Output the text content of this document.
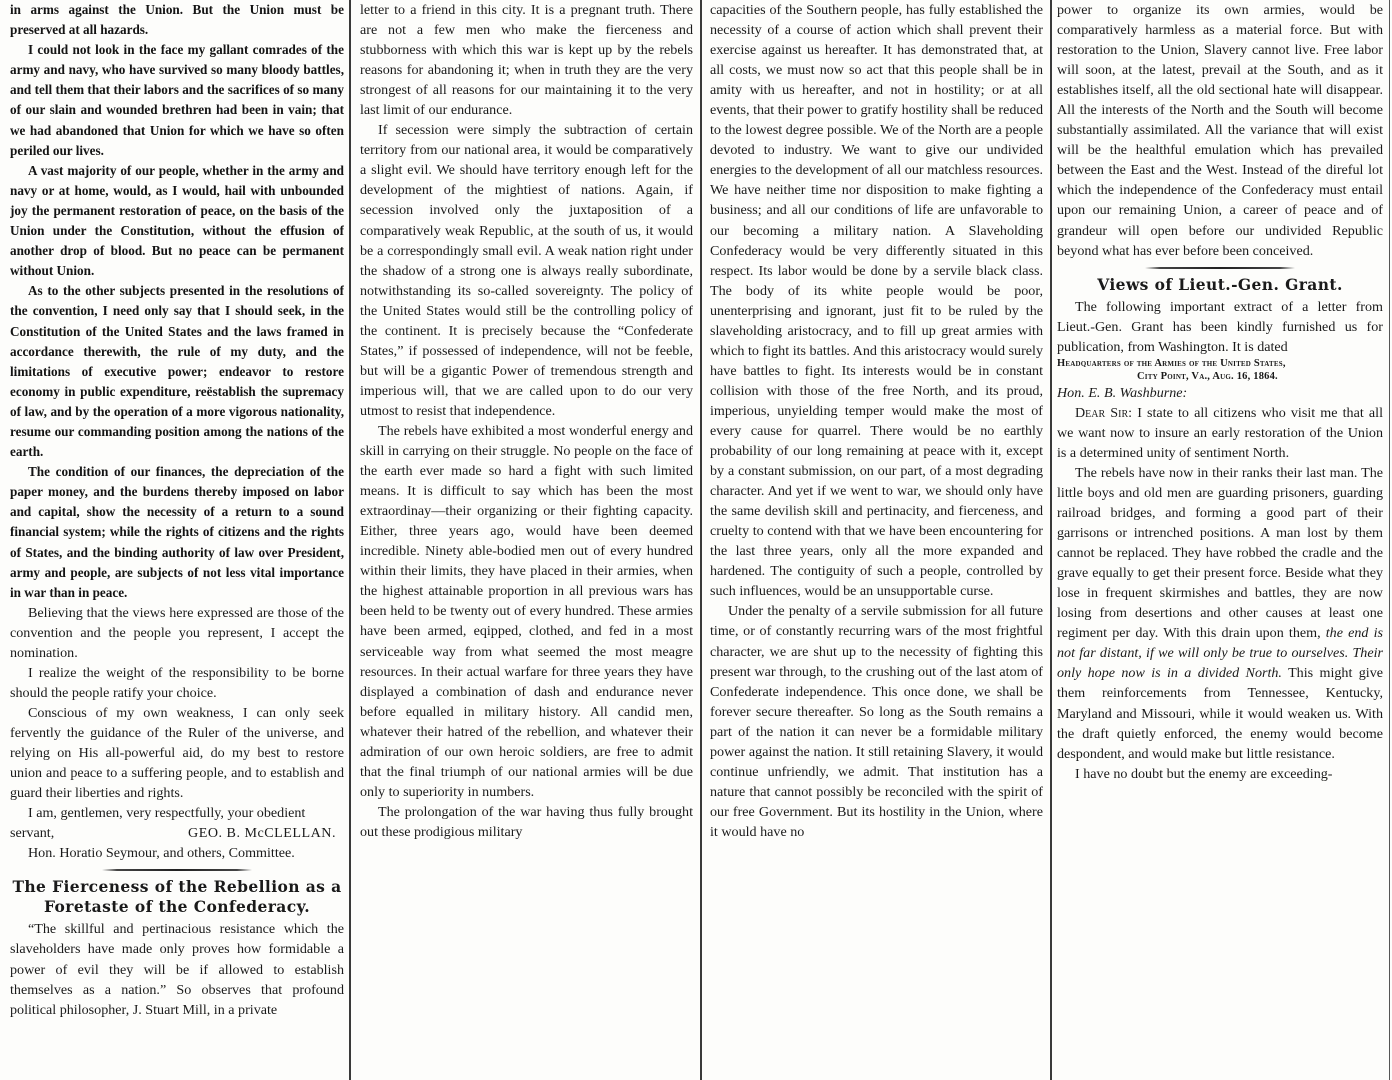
in arms against the Union. But the Union must be preserved at all hazards.

I could not look in the face my gallant comrades of the army and navy, who have survived so many bloody battles, and tell them that their labors and the sacrifices of so many of our slain and wounded brethren had been in vain; that we had abandoned that Union for which we have so often periled our lives.

A vast majority of our people, whether in the army and navy or at home, would, as I would, hail with unbounded joy the permanent restoration of peace, on the basis of the Union under the Constitution, without the effusion of another drop of blood. But no peace can be permanent without Union.

As to the other subjects presented in the resolutions of the convention, I need only say that I should seek, in the Constitution of the United States and the laws framed in accordance therewith, the rule of my duty, and the limitations of executive power; endeavor to restore economy in public expenditure, reëstablish the supremacy of law, and by the operation of a more vigorous nationality, resume our commanding position among the nations of the earth.

The condition of our finances, the depreciation of the paper money, and the burdens thereby imposed on labor and capital, show the necessity of a return to a sound financial system; while the rights of citizens and the rights of States, and the binding authority of law over President, army and people, are subjects of not less vital importance in war than in peace.

Believing that the views here expressed are those of the convention and the people you represent, I accept the nomination.

I realize the weight of the responsibility to be borne should the people ratify your choice.

Conscious of my own weakness, I can only seek fervently the guidance of the Ruler of the universe, and relying on His all-powerful aid, do my best to restore union and peace to a suffering people, and to establish and guard their liberties and rights.

I am, gentlemen, very respectfully, your obedient

servant,	GEO. B. McCLELLAN.

Hon. Horatio Seymour, and others, Committee.

The Fierceness of the Rebellion as a Foretaste of the Confederacy.

“The skillful and pertinacious resistance which the slaveholders have made only proves how formidable a power of evil they will be if allowed to establish themselves as a nation.” So observes that profound political philosopher, J. Stuart Mill, in a private

letter to a friend in this city. It is a pregnant truth. There are not a few men who make the fierceness and stubborness with which this war is kept up by the rebels reasons for abandoning it; when in truth they are the very strongest of all reasons for our maintaining it to the very last limit of our endurance.

If secession were simply the subtraction of certain territory from our national area, it would be comparatively a slight evil. We should have territory enough left for the development of the mightiest of nations. Again, if secession involved only the juxtaposition of a comparatively weak Republic, at the south of us, it would be a correspondingly small evil. A weak nation right under the shadow of a strong one is always really subordinate, notwithstanding its so-called sovereignty. The policy of the United States would still be the controlling policy of the continent. It is precisely because the “Confederate States,” if possessed of independence, will not be feeble, but will be a gigantic Power of tremendous strength and imperious will, that we are called upon to do our very utmost to resist that independence.

The rebels have exhibited a most wonderful energy and skill in carrying on their struggle. No people on the face of the earth ever made so hard a fight with such limited means. It is difficult to say which has been the most extraordinay—their organizing or their fighting capacity. Either, three years ago, would have been deemed incredible. Ninety able-bodied men out of every hundred within their limits, they have placed in their armies, when the highest attainable proportion in all previous wars has been held to be twenty out of every hundred. These armies have been armed, eqipped, clothed, and fed in a most serviceable way from what seemed the most meagre resources. In their actual warfare for three years they have displayed a combination of dash and endurance never before equalled in military history. All candid men, whatever their hatred of the rebellion, and whatever their admiration of our own heroic soldiers, are free to admit that the final triumph of our national armies will be due only to superiority in numbers.

The prolongation of the war having thus fully brought out these prodigious military

capacities of the Southern people, has fully established the necessity of a course of action which shall prevent their exercise against us hereafter. It has demonstrated that, at all costs, we must now so act that this people shall be in amity with us hereafter, and not in hostility; or at all events, that their power to gratify hostility shall be reduced to the lowest degree possible. We of the North are a people devoted to industry. We want to give our undivided energies to the development of all our matchless resources. We have neither time nor disposition to make fighting a business; and all our conditions of life are unfavorable to our becoming a military nation. A Slaveholding Confederacy would be very differently situated in this respect. Its labor would be done by a servile black class. The body of its white people would be poor, unenterprising and ignorant, just fit to be ruled by the slaveholding aristocracy, and to fill up great armies with which to fight its battles. And this aristocracy would surely have battles to fight. Its interests would be in constant collision with those of the free North, and its proud, imperious, unyielding temper would make the most of every cause for quarrel. There would be no earthly probability of our long remaining at peace with it, except by a constant submission, on our part, of a most degrading character. And yet if we went to war, we should only have the same devilish skill and pertinacity, and fierceness, and cruelty to contend with that we have been encountering for the last three years, only all the more expanded and hardened. The contiguity of such a people, controlled by such influences, would be an unsupportable curse.

Under the penalty of a servile submission for all future time, or of constantly recurring wars of the most frightful character, we are shut up to the necessity of fighting this present war through, to the crushing out of the last atom of Confederate independence. This once done, we shall be forever secure thereafter. So long as the South remains a part of the nation it can never be a formidable military power against the nation. It still retaining Slavery, it would continue unfriendly, we admit. That institution has a nature that cannot possibly be reconciled with the spirit of our free Government. But its hostility in the Union, where it would have no

power to organize its own armies, would be comparatively harmless as a material force. But with restoration to the Union, Slavery cannot live. Free labor will soon, at the latest, prevail at the South, and as it establishes itself, all the old sectional hate will disappear. All the interests of the North and the South will become substantially assimilated. All the variance that will exist will be the healthful emulation which has prevailed between the East and the West. Instead of the direful lot which the independence of the Confederacy must entail upon our remaining Union, a career of peace and of grandeur will open before our undivided Republic beyond what has ever before been conceived.

Views of Lieut.-Gen. Grant.

The following important extract of a letter from Lieut.-Gen. Grant has been kindly furnished us for publication, from Washington. It is dated

Headquarters of the Armies of the United States,
City Point, Va., Aug. 16, 1864.

Hon. E. B. Washburne:

Dear Sir: I state to all citizens who visit me that all we want now to insure an early restoration of the Union is a determined unity of sentiment North.

The rebels have now in their ranks their last man. The little boys and old men are guarding prisoners, guarding railroad bridges, and forming a good part of their garrisons or intrenched positions. A man lost by them cannot be replaced. They have robbed the cradle and the grave equally to get their present force. Beside what they lose in frequent skirmishes and battles, they are now losing from desertions and other causes at least one regiment per day. With this drain upon them, the end is not far distant, if we will only be true to ourselves. Their only hope now is in a divided North. This might give them reinforcements from Tennessee, Kentucky, Maryland and Missouri, while it would weaken us. With the draft quietly enforced, the enemy would become despondent, and would make but little resistance.

I have no doubt but the enemy are exceeding-
